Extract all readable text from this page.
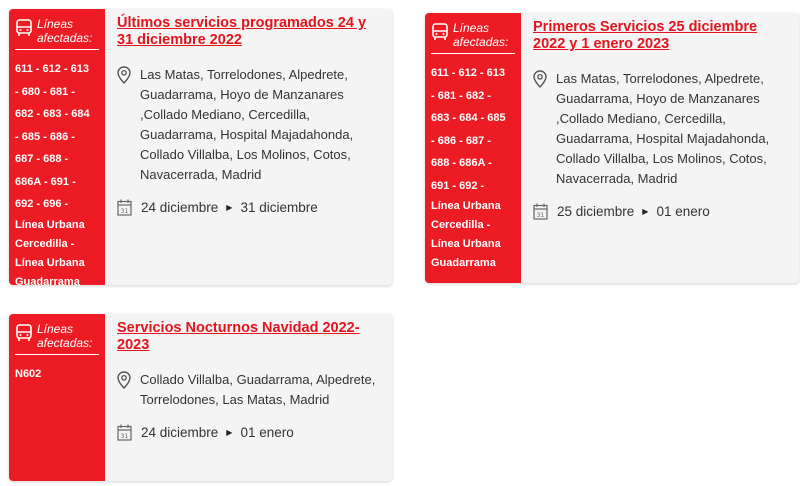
Líneas afectadas:
611 - 612 - 613
- 680 - 681 -
682 - 683 - 684
- 685 - 686 -
687 - 688 -
686A - 691 -
692 - 696 -
Línea Urbana
Cercedilla -
Línea Urbana
Guadarrama
Últimos servicios programados 24 y 31 diciembre 2022
Las Matas, Torrelodones, Alpedrete, Guadarrama, Hoyo de Manzanares ,Collado Mediano, Cercedilla, Guadarrama, Hospital Majadahonda, Collado Villalba, Los Molinos, Cotos, Navacerrada, Madrid
31 24 diciembre ▶ 31 diciembre
Líneas afectadas:
611 - 612 - 613
- 681 - 682 -
683 - 684 - 685
- 686 - 687 -
688 - 686A -
691 - 692 -
Línea Urbana
Cercedilla -
Línea Urbana
Guadarrama
Primeros Servicios 25 diciembre 2022 y 1 enero 2023
Las Matas, Torrelodones, Alpedrete, Guadarrama, Hoyo de Manzanares ,Collado Mediano, Cercedilla, Guadarrama, Hospital Majadahonda, Collado Villalba, Los Molinos, Cotos, Navacerrada, Madrid
31 25 diciembre ▶ 01 enero
Líneas afectadas:
N602
Servicios Nocturnos Navidad 2022-2023
Collado Villalba, Guadarrama, Alpedrete, Torrelodones, Las Matas, Madrid
31 24 diciembre ▶ 01 enero
